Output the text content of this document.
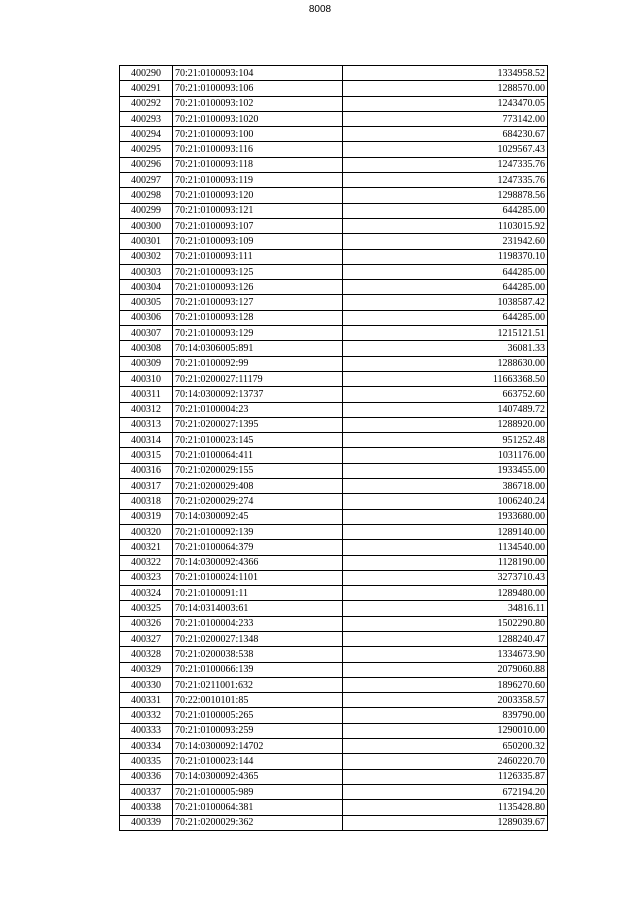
8008
400290	70:21:0100093:104	1334958.52
400291	70:21:0100093:106	1288570.00
400292	70:21:0100093:102	1243470.05
400293	70:21:0100093:1020	773142.00
400294	70:21:0100093:100	684230.67
400295	70:21:0100093:116	1029567.43
400296	70:21:0100093:118	1247335.76
400297	70:21:0100093:119	1247335.76
400298	70:21:0100093:120	1298878.56
400299	70:21:0100093:121	644285.00
400300	70:21:0100093:107	1103015.92
400301	70:21:0100093:109	231942.60
400302	70:21:0100093:111	1198370.10
400303	70:21:0100093:125	644285.00
400304	70:21:0100093:126	644285.00
400305	70:21:0100093:127	1038587.42
400306	70:21:0100093:128	644285.00
400307	70:21:0100093:129	1215121.51
400308	70:14:0306005:891	36081.33
400309	70:21:0100092:99	1288630.00
400310	70:21:0200027:11179	11663368.50
400311	70:14:0300092:13737	663752.60
400312	70:21:0100004:23	1407489.72
400313	70:21:0200027:1395	1288920.00
400314	70:21:0100023:145	951252.48
400315	70:21:0100064:411	1031176.00
400316	70:21:0200029:155	1933455.00
400317	70:21:0200029:408	386718.00
400318	70:21:0200029:274	1006240.24
400319	70:14:0300092:45	1933680.00
400320	70:21:0100092:139	1289140.00
400321	70:21:0100064:379	1134540.00
400322	70:14:0300092:4366	1128190.00
400323	70:21:0100024:1101	3273710.43
400324	70:21:0100091:11	1289480.00
400325	70:14:0314003:61	34816.11
400326	70:21:0100004:233	1502290.80
400327	70:21:0200027:1348	1288240.47
400328	70:21:0200038:538	1334673.90
400329	70:21:0100066:139	2079060.88
400330	70:21:0211001:632	1896270.60
400331	70:22:0010101:85	2003358.57
400332	70:21:0100005:265	839790.00
400333	70:21:0100093:259	1290010.00
400334	70:14:0300092:14702	650200.32
400335	70:21:0100023:144	2460220.70
400336	70:14:0300092:4365	1126335.87
400337	70:21:0100005:989	672194.20
400338	70:21:0100064:381	1135428.80
400339	70:21:0200029:362	1289039.67
